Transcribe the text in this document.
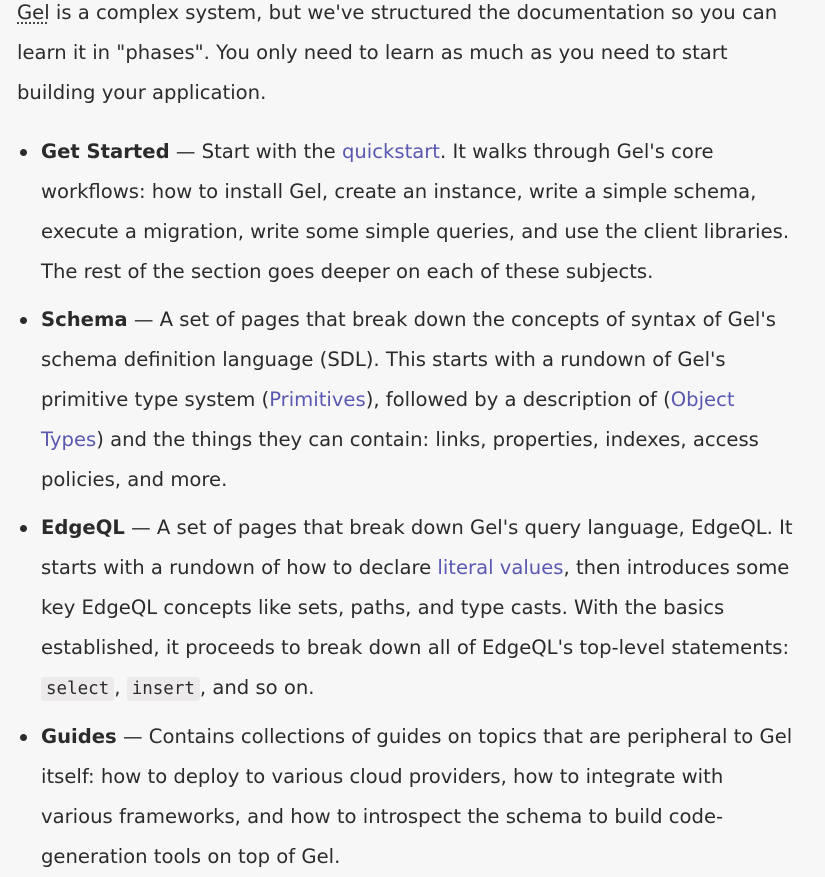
Gel is a complex system, but we've structured the documentation so you can learn it in "phases". You only need to learn as much as you need to start building your application.

Get Started — Start with the quickstart. It walks through Gel's core workflows: how to install Gel, create an instance, write a simple schema, execute a migration, write some simple queries, and use the client libraries. The rest of the section goes deeper on each of these subjects.
Schema — A set of pages that break down the concepts of syntax of Gel's schema definition language (SDL). This starts with a rundown of Gel's primitive type system (Primitives), followed by a description of (Object Types) and the things they can contain: links, properties, indexes, access policies, and more.
EdgeQL — A set of pages that break down Gel's query language, EdgeQL. It starts with a rundown of how to declare literal values, then introduces some key EdgeQL concepts like sets, paths, and type casts. With the basics established, it proceeds to break down all of EdgeQL's top-level statements: select , insert , and so on.
Guides — Contains collections of guides on topics that are peripheral to Gel itself: how to deploy to various cloud providers, how to integrate with various frameworks, and how to introspect the schema to build code-generation tools on top of Gel.
